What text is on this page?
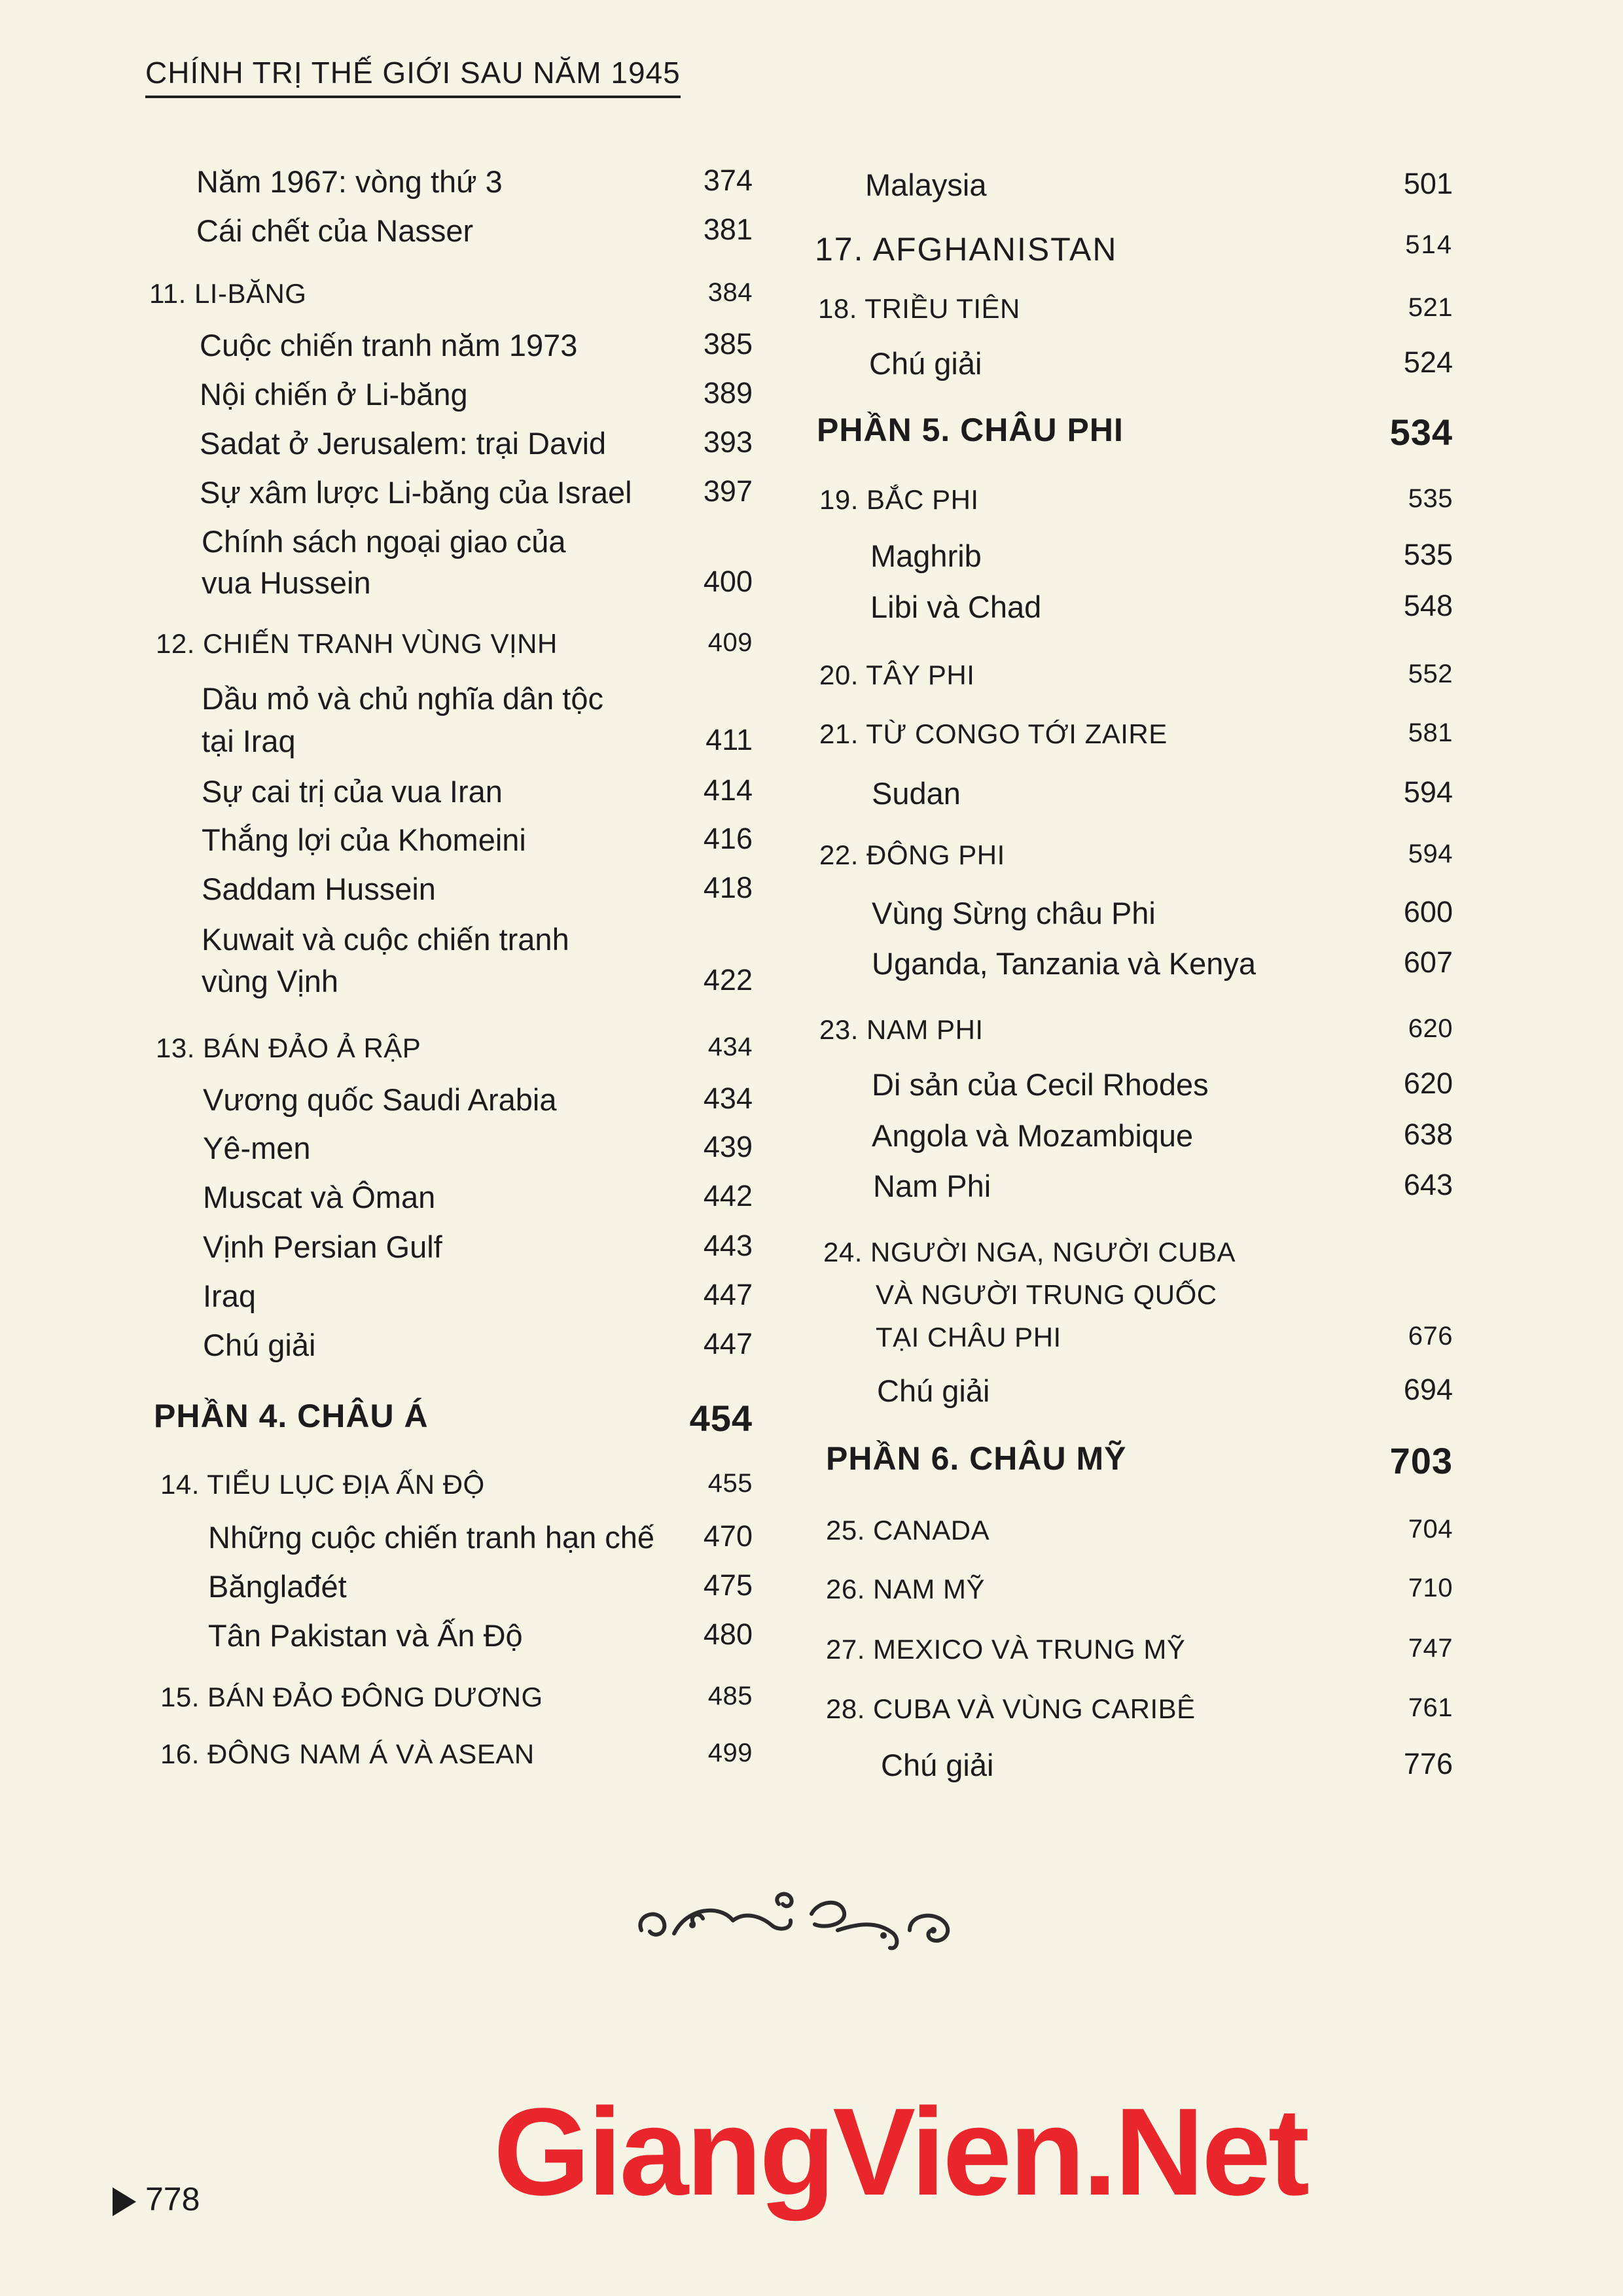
CHÍNH TRỊ THẾ GIỚI SAU NĂM 1945
Năm 1967: vòng thứ 3	374
Cái chết của Nasser	381
11. LI-BĂNG	384
Cuộc chiến tranh năm 1973	385
Nội chiến ở Li-băng	389
Sadat ở Jerusalem: trại David	393
Sự xâm lược Li-băng của Israel	397
Chính sách ngoại giao của
vua Hussein	400
12. CHIẾN TRANH VÙNG VỊNH	409
Dầu mỏ và chủ nghĩa dân tộc
tại Iraq	411
Sự cai trị của vua Iran	414
Thắng lợi của Khomeini	416
Saddam Hussein	418
Kuwait và cuộc chiến tranh
vùng Vịnh	422
13. BÁN ĐẢO Ả RẬP	434
Vương quốc Saudi Arabia	434
Yê-men	439
Muscat và Ôman	442
Vịnh Persian Gulf	443
Iraq	447
Chú giải	447
PHẦN 4. CHÂU Á	454
14. TIỂU LỤC ĐỊA ẤN ĐỘ	455
Những cuộc chiến tranh hạn chế	470
Bănglađét	475
Tân Pakistan và Ấn Độ	480
15. BÁN ĐẢO ĐÔNG DƯƠNG	485
16. ĐÔNG NAM Á VÀ ASEAN	499
Malaysia	501
17. AFGHANISTAN	514
18. TRIỀU TIÊN	521
Chú giải	524
PHẦN 5. CHÂU PHI	534
19. BẮC PHI	535
Maghrib	535
Libi và Chad	548
20. TÂY PHI	552
21. TỪ CONGO TỚI ZAIRE	581
Sudan	594
22. ĐÔNG PHI	594
Vùng Sừng châu Phi	600
Uganda, Tanzania và Kenya	607
23. NAM PHI	620
Di sản của Cecil Rhodes	620
Angola và Mozambique	638
Nam Phi	643
24. NGƯỜI NGA, NGƯỜI CUBA
VÀ NGƯỜI TRUNG QUỐC
TẠI CHÂU PHI	676
Chú giải	694
PHẦN 6. CHÂU MỸ	703
25. CANADA	704
26. NAM MỸ	710
27. MEXICO VÀ TRUNG MỸ	747
28. CUBA VÀ VÙNG CARIBÊ	761
Chú giải	776
GiangVien.Net
778
